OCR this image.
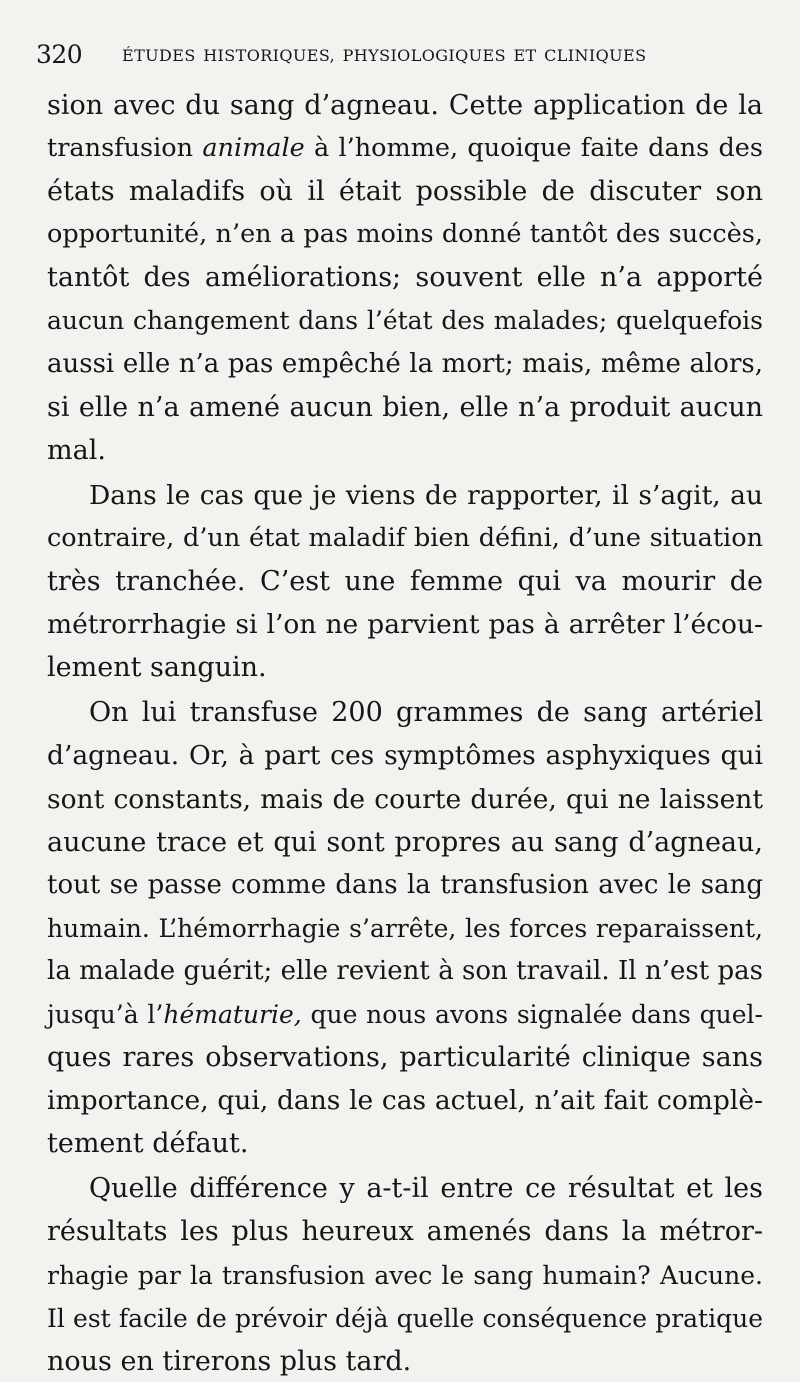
320 ÉTUDES HISTORIQUES, PHYSIOLOGIQUES ET CLINIQUES
sion avec du sang d’agneau. Cette application de la
transfusion animale à l’homme, quoique faite dans des
états maladifs où il était possible de discuter son
opportunité, n’en a pas moins donné tantôt des succès,
tantôt des améliorations; souvent elle n’a apporté
aucun changement dans l’état des malades; quelquefois
aussi elle n’a pas empêché la mort; mais, même alors,
si elle n’a amené aucun bien, elle n’a produit aucun
mal.
Dans le cas que je viens de rapporter, il s’agit, au
contraire, d’un état maladif bien défini, d’une situation
très tranchée. C’est une femme qui va mourir de
métrorrhagie si l’on ne parvient pas à arrêter l’écou-
lement sanguin.
On lui transfuse 200 grammes de sang artériel
d’agneau. Or, à part ces symptômes asphyxiques qui
sont constants, mais de courte durée, qui ne laissent
aucune trace et qui sont propres au sang d’agneau,
tout se passe comme dans la transfusion avec le sang
humain. L’hémorrhagie s’arrête, les forces reparaissent,
la malade guérit; elle revient à son travail. Il n’est pas
jusqu’à l’hématurie, que nous avons signalée dans quel-
ques rares observations, particularité clinique sans
importance, qui, dans le cas actuel, n’ait fait complè-
tement défaut.
Quelle différence y a-t-il entre ce résultat et les
résultats les plus heureux amenés dans la métror-
rhagie par la transfusion avec le sang humain? Aucune.
Il est facile de prévoir déjà quelle conséquence pratique
nous en tirerons plus tard.
